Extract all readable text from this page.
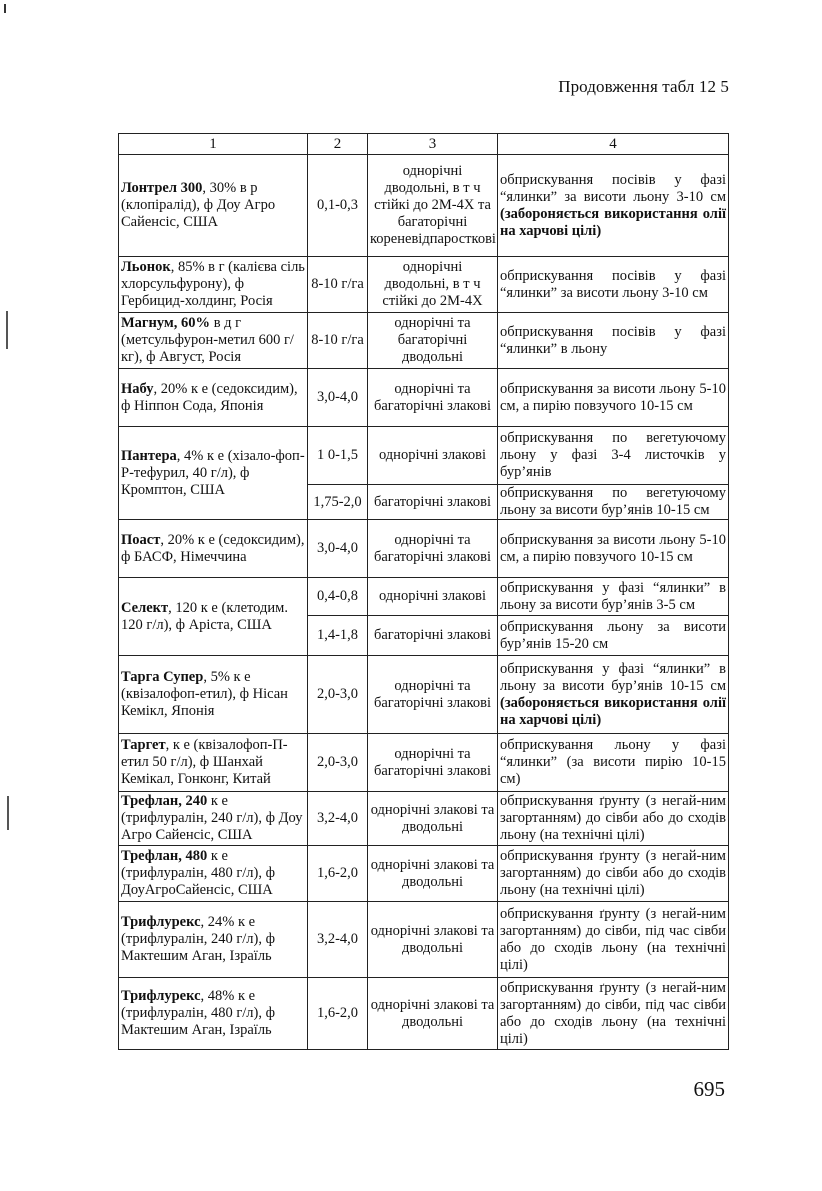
Продовження табл 12 5
1	2	3	4
Лонтрел 300, 30% в р (клопіралід), ф Доу Агро Сайенсіс, США	0,1-0,3	однорічні дводольні, в т ч стійкі до 2М-4Х та багаторічні кореневідпаросткові	обприскування посівів у фазі “ялинки” за висоти льону 3-10 см (забороняється використання олії на харчові цілі)
Льонок, 85% в г (калієва сіль хлорсульфурону), ф Гербицид-холдинг, Росія	8-10 г/га	однорічні дводольні, в т ч стійкі до 2М-4Х	обприскування посівів у фазі “ялинки” за висоти льону 3-10 см
Магнум, 60% в д г (метсульфурон-метил 600 г/кг), ф Август, Росія	8-10 г/га	однорічні та багаторічні дводольні	обприскування посівів у фазі “ялинки” в льону
Набу, 20% к е (седоксидим), ф Ніппон Сода, Японія	3,0-4,0	однорічні та багаторічні злакові	обприскування за висоти льону 5-10 см, а пирію повзучого 10-15 см
Пантера, 4% к е (хізало-фоп-Р-тефурил, 40 г/л), ф Кромптон, США	1 0-1,5	однорічні злакові	обприскування по вегетуючому льону у фазі 3-4 листочків у бур’янів
	1,75-2,0	багаторічні злакові	обприскування по вегетуючому льону за висоти бур’янів 10-15 см
Поаст, 20% к е (седоксидим), ф БАСФ, Німеччина	3,0-4,0	однорічні та багаторічні злакові	обприскування за висоти льону 5-10 см, а пирію повзучого 10-15 см
Селект, 120 к е (клетодим. 120 г/л), ф Аріста, США	0,4-0,8	однорічні злакові	обприскування у фазі “ялинки” в льону за висоти бур’янів 3-5 см
	1,4-1,8	багаторічні злакові	обприскування льону за висоти бур’янів 15-20 см
Тарга Супер, 5% к е (квізалофоп-етил), ф Нісан Кемікл, Японія	2,0-3,0	однорічні та багаторічні злакові	обприскування у фазі “ялинки” в льону за висоти бур’янів 10-15 см (забороняється використання олії на харчові цілі)
Таргет, к е (квізалофоп-П-етил 50 г/л), ф Шанхай Кемікал, Гонконг, Китай	2,0-3,0	однорічні та багаторічні злакові	обприскування льону у фазі “ялинки” (за висоти пирію 10-15 см)
Трефлан, 240 к е (трифлуралін, 240 г/л), ф Доу Агро Сайенсіс, США	3,2-4,0	однорічні злакові та дводольні	обприскування ґрунту (з негай-ним загортанням) до сівби або до сходів льону (на технічні цілі)
Трефлан, 480 к е (трифлуралін, 480 г/л), ф ДоуАгроСайенсіс, США	1,6-2,0	однорічні злакові та дводольні	обприскування ґрунту (з негай-ним загортанням) до сівби або до сходів льону (на технічні цілі)
Трифлурекс, 24% к е (трифлуралін, 240 г/л), ф Мактешим Аган, Ізраїль	3,2-4,0	однорічні злакові та дводольні	обприскування ґрунту (з негай-ним загортанням) до сівби, під час сівби або до сходів льону (на технічні цілі)
Трифлурекс, 48% к е (трифлуралін, 480 г/л), ф Мактешим Аган, Ізраїль	1,6-2,0	однорічні злакові та дводольні	обприскування ґрунту (з негай-ним загортанням) до сівби, під час сівби або до сходів льону (на технічні цілі)
695
